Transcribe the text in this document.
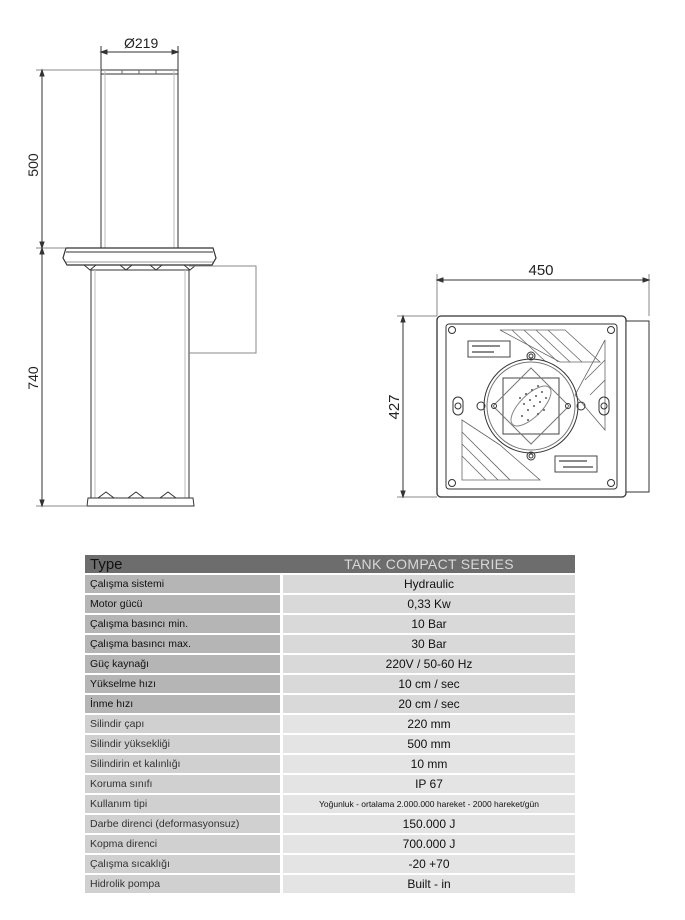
Ø219
500
740
450
427
Type	TANK COMPACT SERIES
Çalışma sistemi	Hydraulic
Motor gücü	0,33 Kw
Çalışma basıncı min.	10 Bar
Çalışma basıncı max.	30 Bar
Güç kaynağı	220V / 50-60 Hz
Yükselme hızı	10 cm / sec
İnme hızı	20 cm / sec
Silindir çapı	220 mm
Silindir yüksekliği	500 mm
Silindirin et kalınlığı	10 mm
Koruma sınıfı	IP 67
Kullanım tipi	Yoğunluk - ortalama 2.000.000 hareket - 2000 hareket/gün
Darbe direnci (deformasyonsuz)	150.000 J
Kopma direnci	700.000 J
Çalışma sıcaklığı	-20 +70
Hidrolik pompa	Built - in
